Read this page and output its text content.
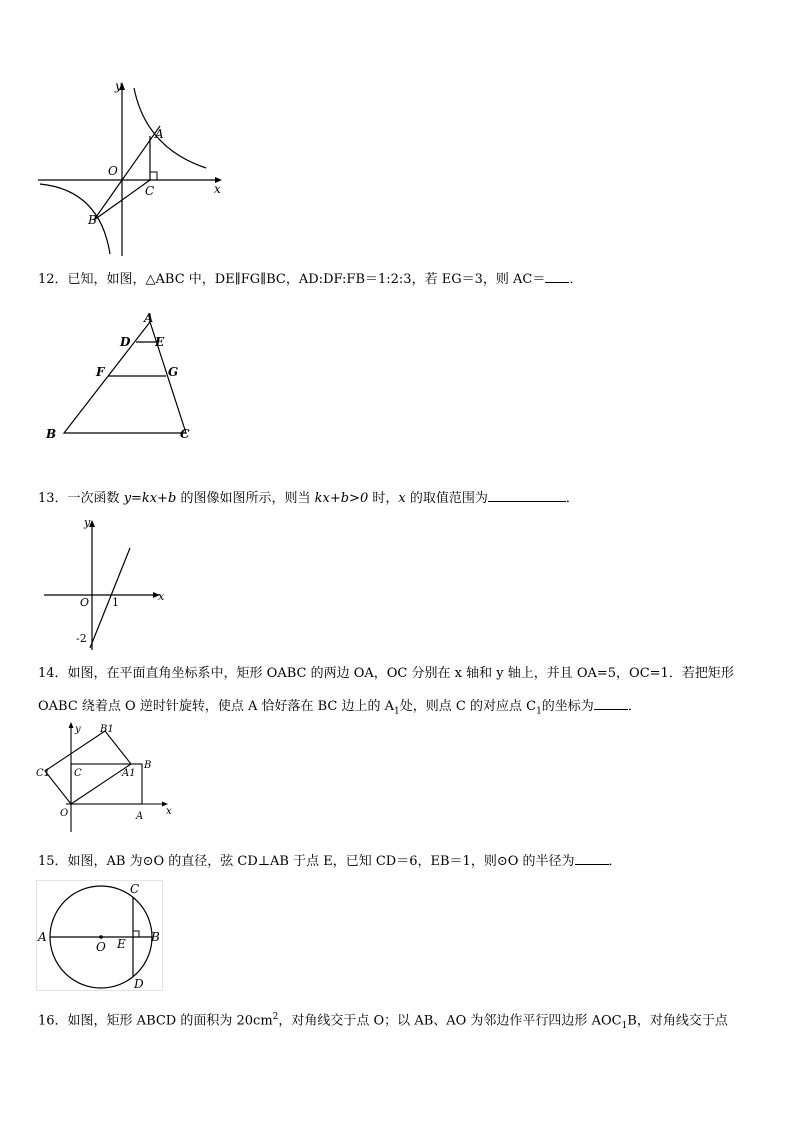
y
x
O
A
B
C
12．已知，如图，△ABC 中，DE∥FG∥BC，AD:DF:FB＝1:2:3，若 EG＝3，则 AC＝ ．
A
D E
F	G
B	C
13．一次函数 y=kx+b 的图像如图所示，则当 kx+b>0 时，x 的取值范围为	．
y
x
O 1
-2
14．如图，在平面直角坐标系中，矩形 OABC 的两边 OA，OC 分别在 x 轴和 y 轴上，并且 OA=5，OC=1．若把矩形
OABC 绕着点 O 逆时针旋转，使点 A 恰好落在 BC 边上的 $A_1$处，则点 C 的对应点 $C_1$的坐标为	．
y
x
O	A
B
C	A1
B1
C1
15．如图，AB 为⊙O 的直径，弦 CD⊥AB 于点 E，已知 CD＝6，EB＝1，则⊙O 的半径为	．
A	B
C
D
E
O
16．如图，矩形 ABCD 的面积为 $20cm^2$，对角线交于点 O；以 AB、AO 为邻边作平行四边形 $AOC_1B$，对角线交于点
